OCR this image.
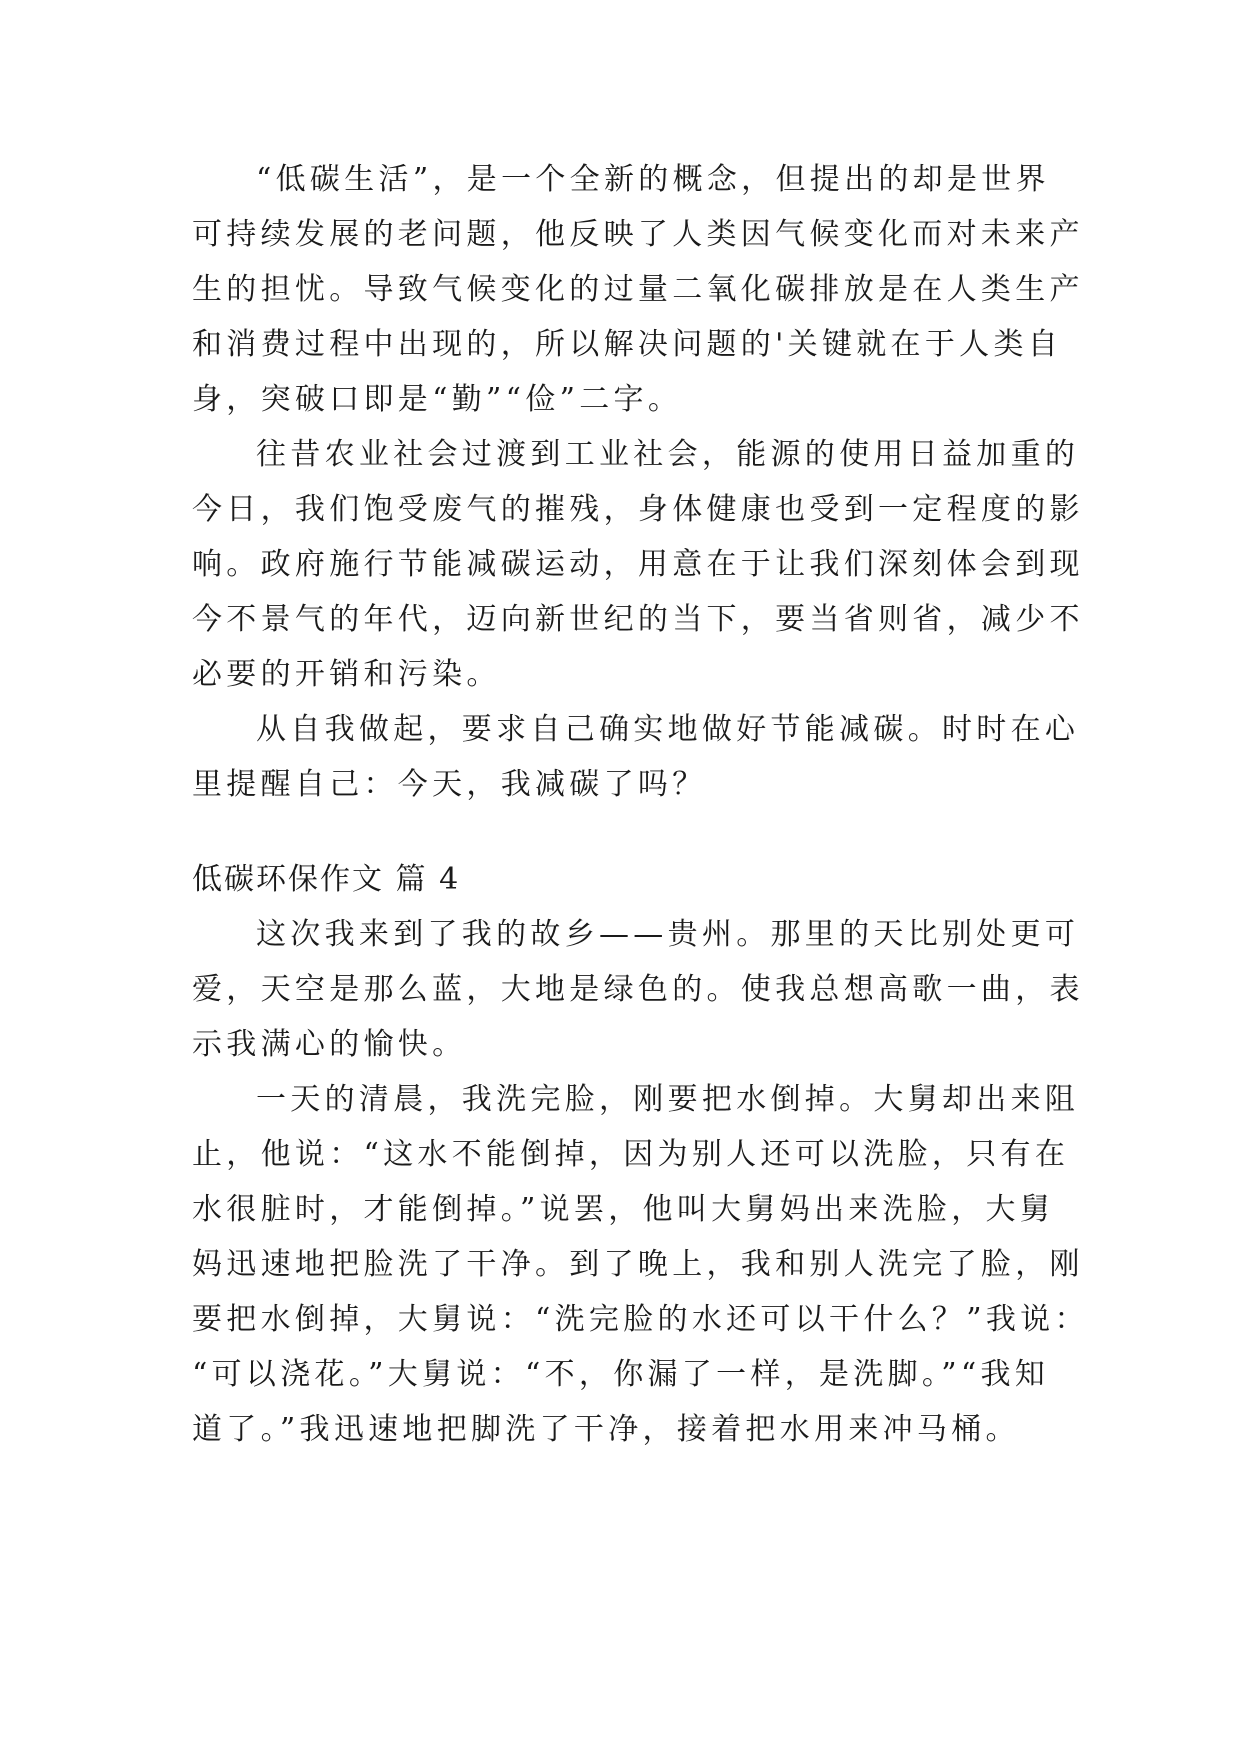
“低碳生活”，是一个全新的概念，但提出的却是世界
可持续发展的老问题，他反映了人类因气候变化而对未来产
生的担忧。导致气候变化的过量二氧化碳排放是在人类生产
和消费过程中出现的，所以解决问题的'关键就在于人类自
身，突破口即是“勤”“俭”二字。
往昔农业社会过渡到工业社会，能源的使用日益加重的
今日，我们饱受废气的摧残，身体健康也受到一定程度的影
响。政府施行节能减碳运动，用意在于让我们深刻体会到现
今不景气的年代，迈向新世纪的当下，要当省则省，减少不
必要的开销和污染。
从自我做起，要求自己确实地做好节能减碳。时时在心
里提醒自己：今天，我减碳了吗？
低碳环保作文 篇 4
这次我来到了我的故乡——贵州。那里的天比别处更可
爱，天空是那么蓝，大地是绿色的。使我总想高歌一曲，表
示我满心的愉快。
一天的清晨，我洗完脸，刚要把水倒掉。大舅却出来阻
止，他说：“这水不能倒掉，因为别人还可以洗脸，只有在
水很脏时，才能倒掉。”说罢，他叫大舅妈出来洗脸，大舅
妈迅速地把脸洗了干净。到了晚上，我和别人洗完了脸，刚
要把水倒掉，大舅说：“洗完脸的水还可以干什么？”我说：
“可以浇花。”大舅说：“不，你漏了一样，是洗脚。”“我知
道了。”我迅速地把脚洗了干净，接着把水用来冲马桶。
